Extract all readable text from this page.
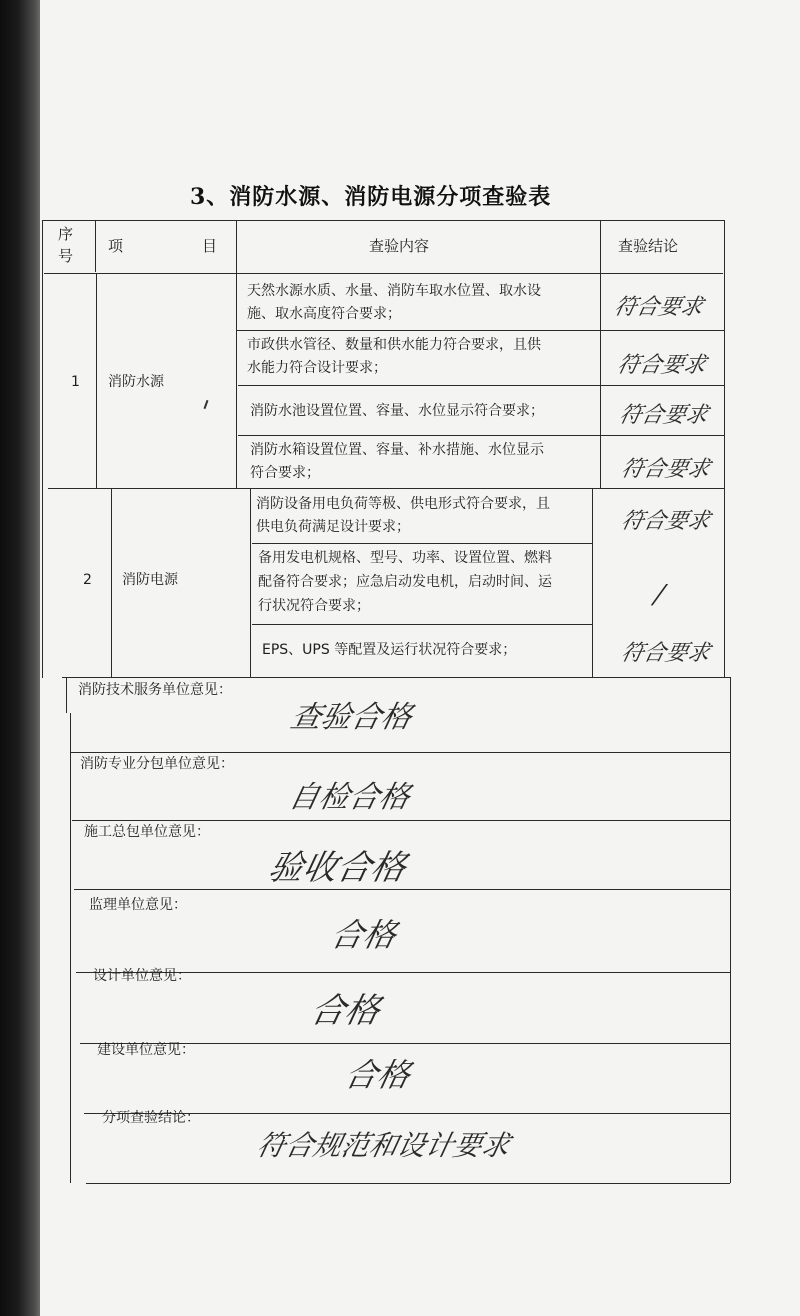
3、消防水源、消防电源分项查验表
序
号
项	目	查验内容	查验结论
1 消防水源
天然水源水质、水量、消防车取水位置、取水设
施、取水高度符合要求；	符合要求
市政供水管径、数量和供水能力符合要求，且供
水能力符合设计要求；	符合要求
消防水池设置位置、容量、水位显示符合要求；	符合要求
消防水箱设置位置、容量、补水措施、水位显示
符合要求；	符合要求
2 消防电源
消防设备用电负荷等极、供电形式符合要求，且
供电负荷满足设计要求；	符合要求
备用发电机规格、型号、功率、设置位置、燃料
配备符合要求；应急启动发电机，启动时间、运
行状况符合要求；	/
EPS、UPS 等配置及运行状况符合要求；	符合要求
消防技术服务单位意见：
查验合格
消防专业分包单位意见：
自检合格
施工总包单位意见：
验收合格
监理单位意见：
合格
设计单位意见：
合格
建设单位意见：
合格
分项查验结论：
符合规范和设计要求
